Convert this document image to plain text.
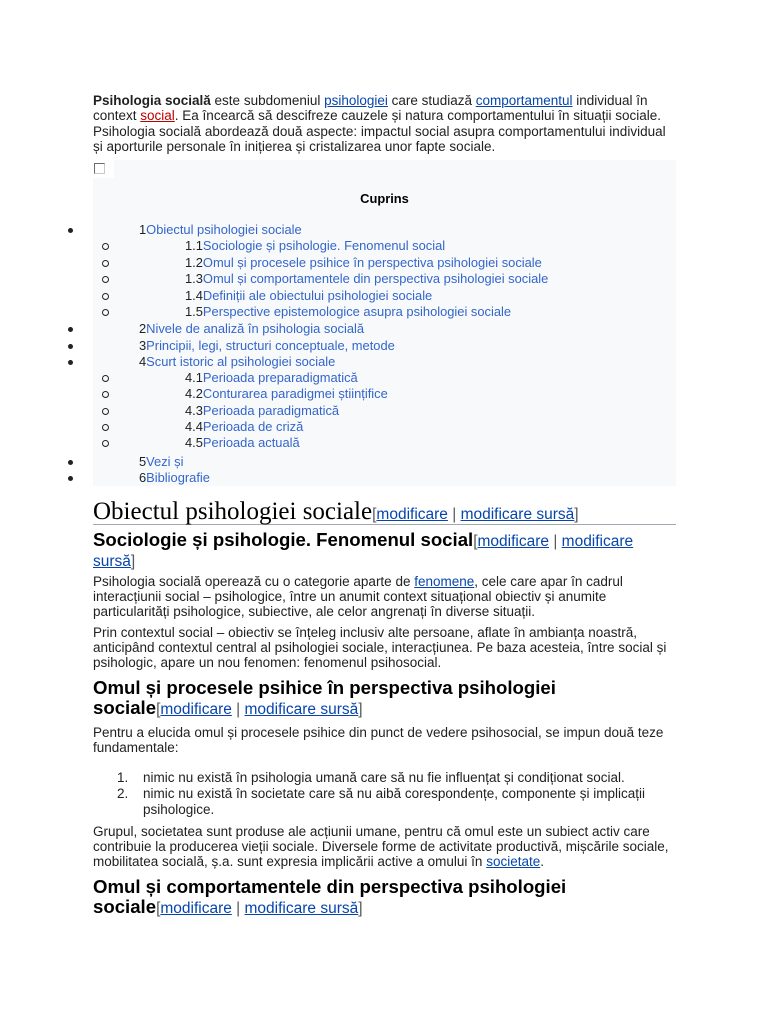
Psihologia socială este subdomeniul psihologiei care studiază comportamentul individual în
context social. Ea încearcă să descifreze cauzele și natura comportamentului în situații sociale.
Psihologia socială abordează două aspecte: impactul social asupra comportamentului individual
și aporturile personale în inițierea și cristalizarea unor fapte sociale.
Cuprins
1Obiectul psihologiei sociale
1.1Sociologie și psihologie. Fenomenul social
1.2Omul și procesele psihice în perspectiva psihologiei sociale
1.3Omul și comportamentele din perspectiva psihologiei sociale
1.4Definiții ale obiectului psihologiei sociale
1.5Perspective epistemologice asupra psihologiei sociale
2Nivele de analiză în psihologia socială
3Principii, legi, structuri conceptuale, metode
4Scurt istoric al psihologiei sociale
4.1Perioada preparadigmatică
4.2Conturarea paradigmei științifice
4.3Perioada paradigmatică
4.4Perioada de criză
4.5Perioada actuală
5Vezi și
6Bibliografie
Obiectul psihologiei sociale[modificare | modificare sursă]
Sociologie și psihologie. Fenomenul social[modificare | modificare sursă]
Psihologia socială operează cu o categorie aparte de fenomene, cele care apar în cadrul
interacțiunii social – psihologice, între un anumit context situațional obiectiv și anumite
particularități psihologice, subiective, ale celor angrenați în diverse situații.
Prin contextul social – obiectiv se înțeleg inclusiv alte persoane, aflate în ambianța noastră,
anticipând contextul central al psihologiei sociale, interacțiunea. Pe baza acesteia, între social și
psihologic, apare un nou fenomen: fenomenul psihosocial.
Omul și procesele psihice în perspectiva psihologiei sociale[modificare | modificare sursă]
Pentru a elucida omul și procesele psihice din punct de vedere psihosocial, se impun două teze
fundamentale:
1. nimic nu există în psihologia umană care să nu fie influențat și condiționat social.
2. nimic nu există în societate care să nu aibă corespondențe, componente și implicații psihologice.
Grupul, societatea sunt produse ale acțiunii umane, pentru că omul este un subiect activ care
contribuie la producerea vieții sociale. Diversele forme de activitate productivă, mișcările sociale,
mobilitatea socială, ș.a. sunt expresia implicării active a omului în societate.
Omul și comportamentele din perspectiva psihologiei sociale[modificare | modificare sursă]
